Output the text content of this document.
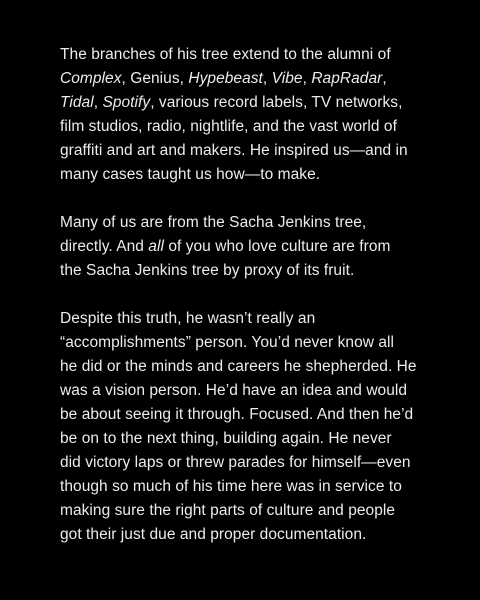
The branches of his tree extend to the alumni of
Complex, Genius, Hypebeast, Vibe, RapRadar,
Tidal, Spotify, various record labels, TV networks,
film studios, radio, nightlife, and the vast world of
graffiti and art and makers. He inspired us—and in
many cases taught us how—to make.

Many of us are from the Sacha Jenkins tree,
directly. And all of you who love culture are from
the Sacha Jenkins tree by proxy of its fruit.

Despite this truth, he wasn’t really an
“accomplishments” person. You’d never know all
he did or the minds and careers he shepherded. He
was a vision person. He’d have an idea and would
be about seeing it through. Focused. And then he’d
be on to the next thing, building again. He never
did victory laps or threw parades for himself—even
though so much of his time here was in service to
making sure the right parts of culture and people
got their just due and proper documentation.
